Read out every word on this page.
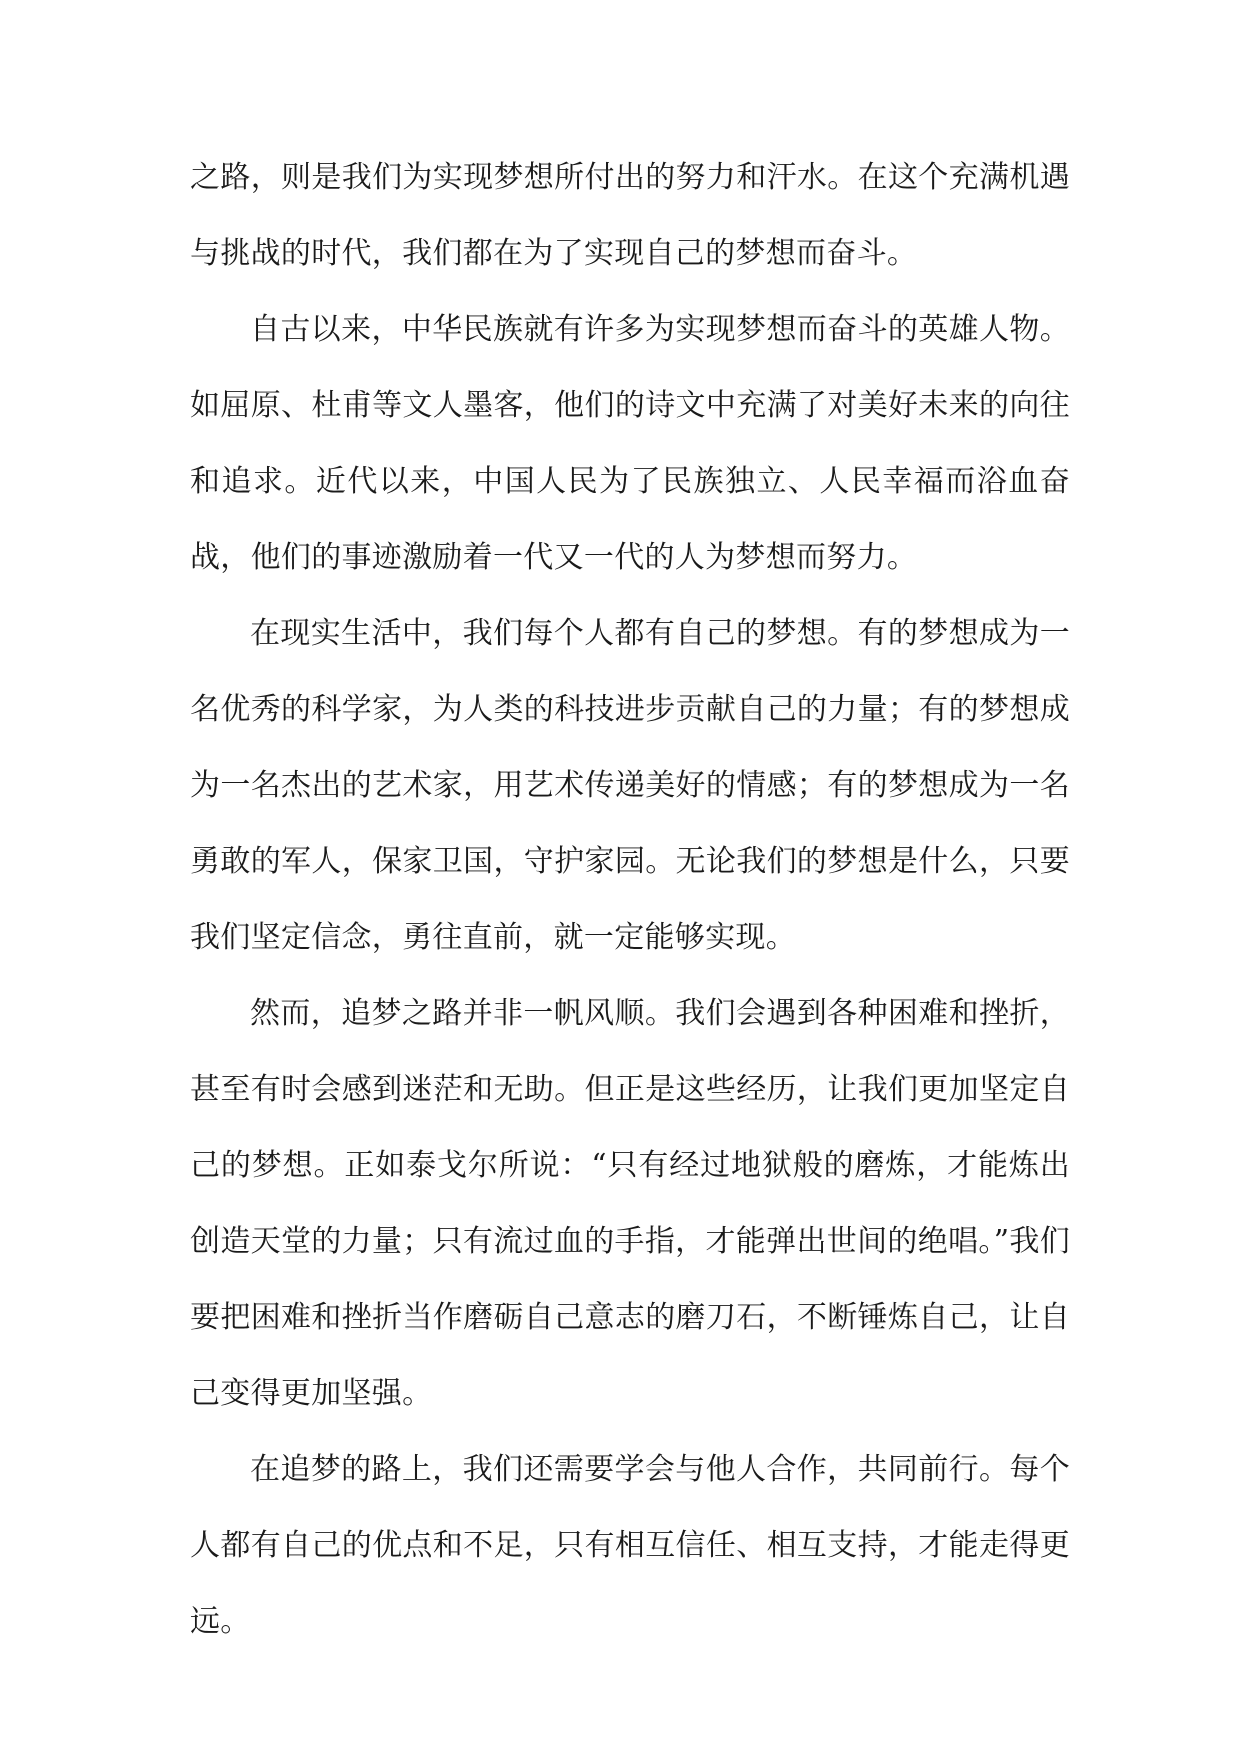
之路，则是我们为实现梦想所付出的努力和汗水。在这个充满机遇与挑战的时代，我们都在为了实现自己的梦想而奋斗。

自古以来，中华民族就有许多为实现梦想而奋斗的英雄人物。如屈原、杜甫等文人墨客，他们的诗文中充满了对美好未来的向往和追求。近代以来，中国人民为了民族独立、人民幸福而浴血奋战，他们的事迹激励着一代又一代的人为梦想而努力。

在现实生活中，我们每个人都有自己的梦想。有的梦想成为一名优秀的科学家，为人类的科技进步贡献自己的力量；有的梦想成为一名杰出的艺术家，用艺术传递美好的情感；有的梦想成为一名勇敢的军人，保家卫国，守护家园。无论我们的梦想是什么，只要我们坚定信念，勇往直前，就一定能够实现。

然而，追梦之路并非一帆风顺。我们会遇到各种困难和挫折，甚至有时会感到迷茫和无助。但正是这些经历，让我们更加坚定自己的梦想。正如泰戈尔所说：“只有经过地狱般的磨炼，才能炼出创造天堂的力量；只有流过血的手指，才能弹出世间的绝唱。”我们要把困难和挫折当作磨砺自己意志的磨刀石，不断锤炼自己，让自己变得更加坚强。

在追梦的路上，我们还需要学会与他人合作，共同前行。每个人都有自己的优点和不足，只有相互信任、相互支持，才能走得更远。
